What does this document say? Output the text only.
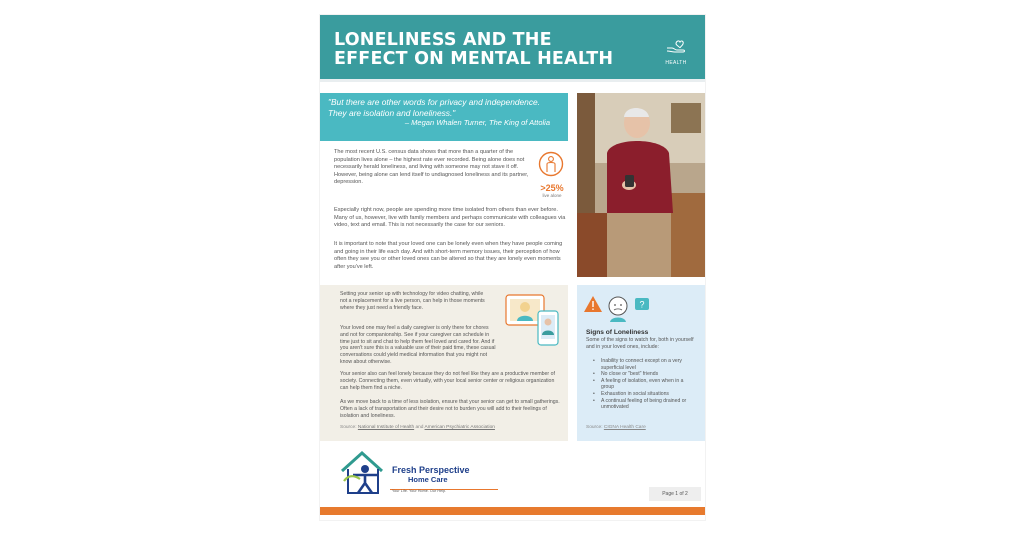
LONELINESS AND THE
EFFECT ON MENTAL HEALTH	HEALTH
"But there are other words for privacy and independence. They are isolation and loneliness."
– Megan Whalen Turner, The King of Attolia

The most recent U.S. census data shows that more than a quarter of the population lives alone – the highest rate ever recorded. Being alone does not necessarily herald loneliness, and living with someone may not stave it off. However, being alone can lend itself to undiagnosed loneliness and its partner, depression.

>25%
live alone

Especially right now, people are spending more time isolated from others than ever before. Many of us, however, live with family members and perhaps communicate with colleagues via video, text and email. This is not necessarily the case for our seniors.

It is important to note that your loved one can be lonely even when they have people coming and going in their life each day. And with short-term memory issues, their perception of how often they see you or other loved ones can be altered so that they are lonely even moments after you've left.

Setting your senior up with technology for video chatting, while not a replacement for a live person, can help in those moments where they just need a friendly face.

Your loved one may feel a daily caregiver is only there for chores and not for companionship. See if your caregiver can schedule in time just to sit and chat to help them feel loved and cared for. And if you aren't sure this is a valuable use of their paid time, these casual conversations could yield medical information that you might not know about otherwise.

Your senior also can feel lonely because they do not feel like they are a productive member of society. Connecting them, even virtually, with your local senior center or religious organization can help them find a niche.

As we move back to a time of less isolation, ensure that your senior can get to small gatherings. Often a lack of transportation and their desire not to burden you will add to their feelings of isolation and loneliness.

Source: National Institute of Health and American Psychiatric Association
?
Signs of Loneliness

Some of the signs to watch for, both in yourself and in your loved ones, include:

• Inability to connect except on a very superficial level
• No close or "best" friends
• A feeling of isolation, even when in a group
• Exhaustion in social situations
• A continual feeling of being drained or unmotivated
Source: CIGNA Health Care
Fresh Perspective
Home Care
Your Life. Your Home. Our Help.	Page 1 of 2
